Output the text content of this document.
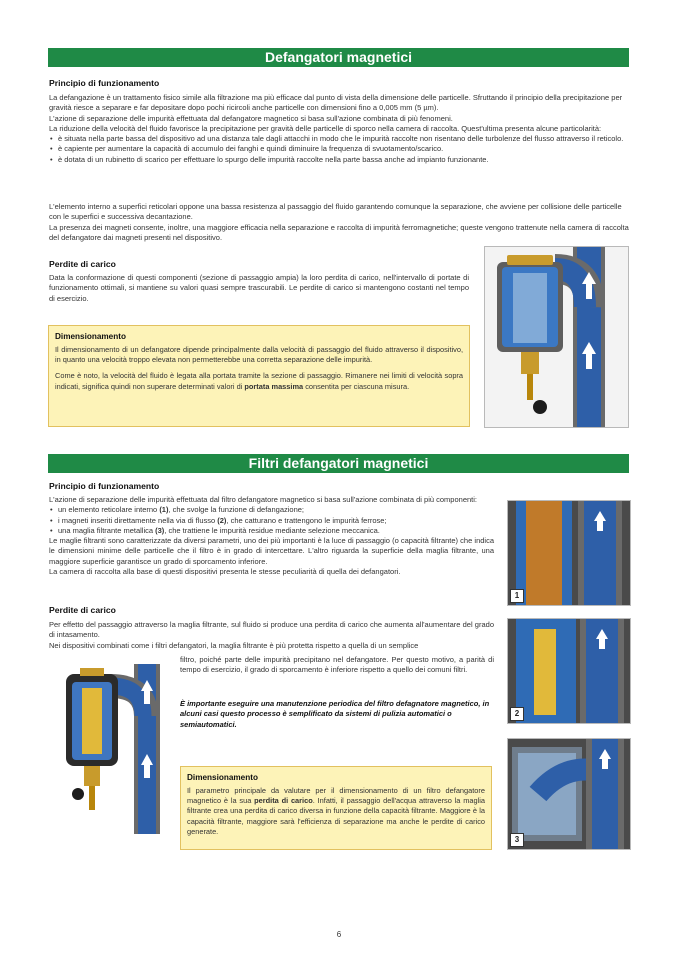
Defangatori magnetici
Principio di funzionamento

La defangazione è un trattamento fisico simile alla filtrazione ma più efficace dal punto di vista della dimensione delle particelle. Sfruttando il principio della precipitazione per gravità riesce a separare e far depositare dopo pochi ricircoli anche particelle con dimensioni fino a 0,005 mm (5 µm).

L'azione di separazione delle impurità effettuata dal defangatore magnetico si basa sull'azione combinata di più fenomeni.

La riduzione della velocità del fluido favorisce la precipitazione per gravità delle particelle di sporco nella camera di raccolta. Quest'ultima presenta alcune particolarità:

• è situata nella parte bassa del dispositivo ad una distanza tale dagli attacchi in modo che le impurità raccolte non risentano delle turbolenze del flusso attraverso il reticolo.
• è capiente per aumentare la capacità di accumulo dei fanghi e quindi diminuire la frequenza di svuotamento/scarico.
• è dotata di un rubinetto di scarico per effettuare lo spurgo delle impurità raccolte nella parte bassa anche ad impianto funzionante.

L'elemento interno a superfici reticolari oppone una bassa resistenza al passaggio del fluido garantendo comunque la separazione, che avviene per collisione delle particelle con le superfici e successiva decantazione.

La presenza dei magneti consente, inoltre, una maggiore efficacia nella separazione e raccolta di impurità ferromagnetiche; queste vengono trattenute nella camera di raccolta del defangatore dai magneti presenti nel dispositivo.

Perdite di carico
Data la conformazione di questi componenti (sezione di passaggio ampia) la loro perdita di carico, nell'intervallo di portate di funzionamento ottimali, si mantiene su valori quasi sempre trascurabili. Le perdite di carico si mantengono costanti nel tempo di esercizio.
Dimensionamento

Il dimensionamento di un defangatore dipende principalmente dalla velocità di passaggio del fluido attraverso il dispositivo, in quanto una velocità troppo elevata non permetterebbe una corretta separazione delle impurità.

Come è noto, la velocità del fluido è legata alla portata tramite la sezione di passaggio. Rimanere nei limiti di velocità sopra indicati, significa quindi non superare determinati valori di portata massima consentita per ciascuna misura.

Filtri defangatori magnetici
Principio di funzionamento

L'azione di separazione delle impurità effettuata dal filtro defangatore magnetico si basa sull'azione combinata di più componenti:

• un elemento reticolare interno (1), che svolge la funzione di defangazione;
• i magneti inseriti direttamente nella via di flusso (2), che catturano e trattengono le impurità ferrose;
• una maglia filtrante metallica (3), che trattiene le impurità residue mediante selezione meccanica.

Le maglie filtranti sono caratterizzate da diversi parametri, uno dei più importanti è la luce di passaggio (o capacità filtrante) che indica le dimensioni minime delle particelle che il filtro è in grado di intercettare. L'altro riguarda la superficie della maglia filtrante, una maggiore superficie garantisce un grado di sporcamento inferiore.

La camera di raccolta alla base di questi dispositivi presenta le stesse peculiarità di quella dei defangatori.

Perdite di carico

Per effetto del passaggio attraverso la maglia filtrante, sul fluido si produce una perdita di carico che aumenta all'aumentare del grado di intasamento.

Nei dispositivi combinati come i filtri defangatori, la maglia filtrante è più protetta rispetto a quella di un semplice

filtro, poiché parte delle impurità precipitano nel defangatore. Per questo motivo, a parità di tempo di esercizio, il grado di sporcamento è inferiore rispetto a quello dei comuni filtri.
È importante eseguire una manutenzione periodica del filtro defagnatore magnetico, in alcuni casi questo processo è semplificato da sistemi di pulizia automatici o semiautomatici.
Dimensionamento

Il parametro principale da valutare per il dimensionamento di un filtro defangatore magnetico è la sua perdita di carico. Infatti, il passaggio dell'acqua attraverso la maglia filtrante crea una perdita di carico diversa in funzione della capacità filtrante. Maggiore è la capacità filtrante, maggiore sarà l'efficienza di separazione ma anche le perdite di carico generate.

1
2
3
6
